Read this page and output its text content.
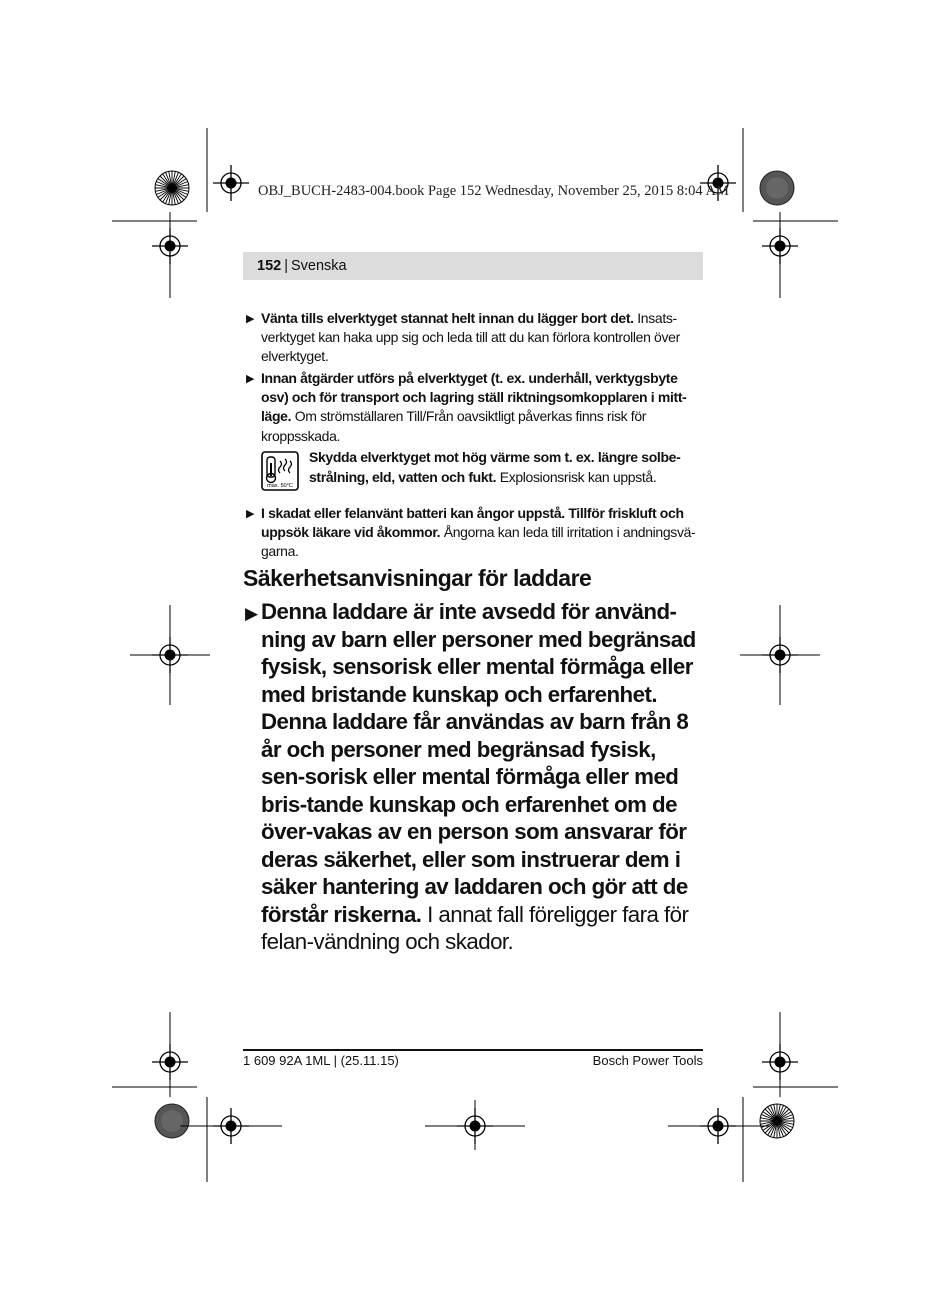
OBJ_BUCH-2483-004.book Page 152 Wednesday, November 25, 2015 8:04 AM
152 | Svenska
▶ Vänta tills elverktyget stannat helt innan du lägger bort det. Insats-verktyget kan haka upp sig och leda till att du kan förlora kontrollen över elverktyget.
▶ Innan åtgärder utförs på elverktyget (t. ex. underhåll, verktygsbyte osv) och för transport och lagring ställ riktningsomkopplaren i mitt-läge. Om strömställaren Till/Från oavsiktligt påverkas finns risk för kroppsskada.
max. 50°C
Skydda elverktyget mot hög värme som t. ex. längre solbe-strålning, eld, vatten och fukt. Explosionsrisk kan uppstå.
▶ I skadat eller felanvänt batteri kan ångor uppstå. Tillför friskluft och uppsök läkare vid åkommor. Ångorna kan leda till irritation i andningsvä-garna.
Säkerhetsanvisningar för laddare
▶ Denna laddare är inte avsedd för använd-ning av barn eller personer med begränsad fysisk, sensorisk eller mental förmåga eller med bristande kunskap och erfarenhet. Denna laddare får användas av barn från 8 år och personer med begränsad fysisk, sen-sorisk eller mental förmåga eller med bris-tande kunskap och erfarenhet om de över-vakas av en person som ansvarar för deras säkerhet, eller som instruerar dem i säker hantering av laddaren och gör att de förstår riskerna. I annat fall föreligger fara för felan-vändning och skador.
1 609 92A 1ML | (25.11.15)	Bosch Power Tools
